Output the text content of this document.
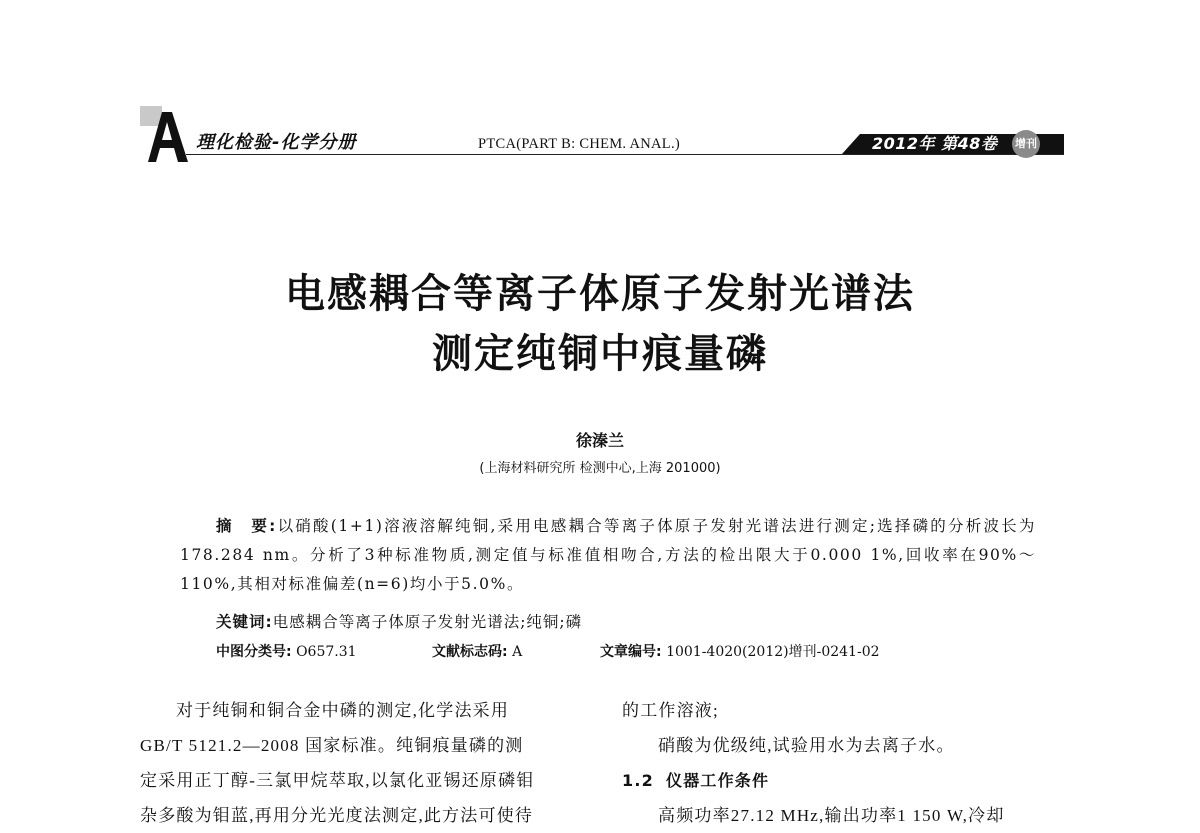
理化检验-化学分册	PTCA(PART B: CHEM. ANAL.)	2012年 第48卷 增刊
电感耦合等离子体原子发射光谱法
测定纯铜中痕量磷
徐溱兰
(上海材料研究所 检测中心,上海 201000)
摘　要:以硝酸(1+1)溶液溶解纯铜,采用电感耦合等离子体原子发射光谱法进行测定;选择磷的分析波长为178.284 nm。分析了3种标准物质,测定值与标准值相吻合,方法的检出限大于0.000 1%,回收率在90%～110%,其相对标准偏差(n=6)均小于5.0%。
关键词:电感耦合等离子体原子发射光谱法;纯铜;磷
中图分类号: O657.31	文献标志码: A	文章编号: 1001-4020(2012)增刊-0241-02

对于纯铜和铜合金中磷的测定,化学法采用

GB/T 5121.2—2008 国家标准。纯铜痕量磷的测

定采用正丁醇-三氯甲烷萃取,以氯化亚锡还原磷钼

杂多酸为钼蓝,再用分光光度法测定,此方法可使待

的工作溶液;

硝酸为优级纯,试验用水为去离子水。

1.2 仪器工作条件

高频功率27.12 MHz,输出功率1 150 W,冷却
